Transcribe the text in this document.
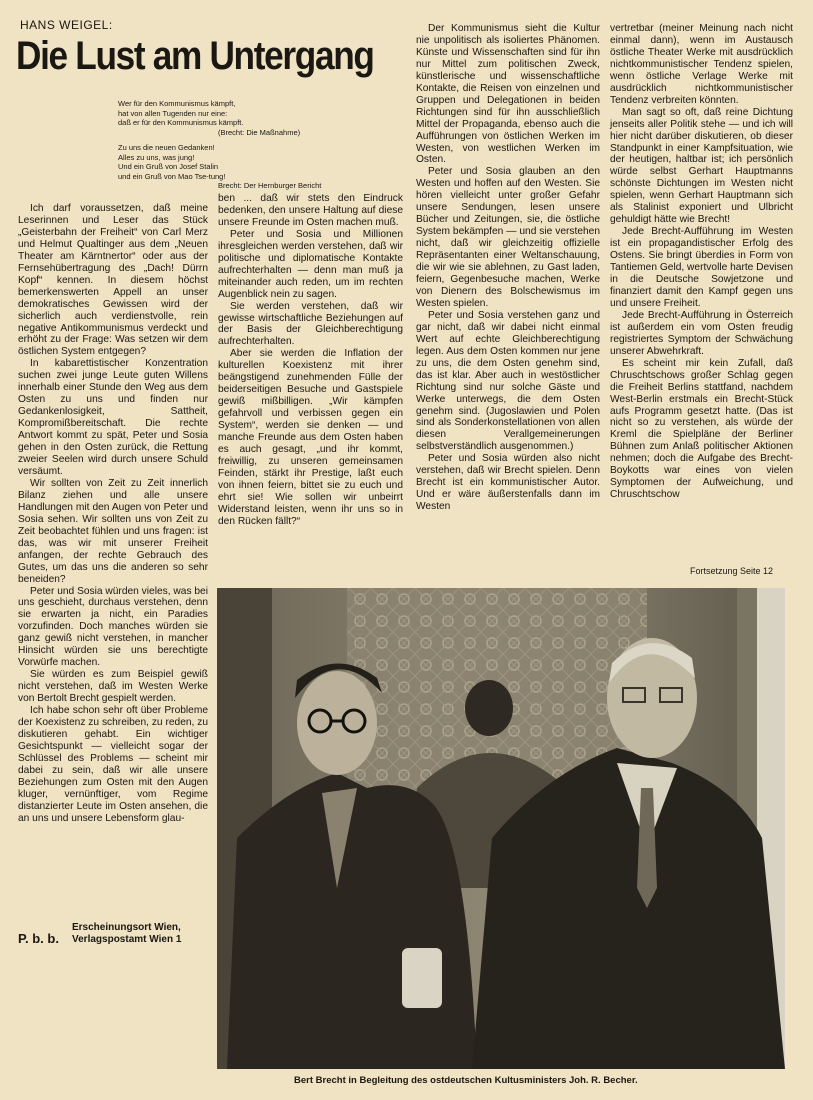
HANS WEIGEL:
Die Lust am Untergang
Wer für den Kommunismus kämpft,
hat von allen Tugenden nur eine:
daß er für den Kommunismus kämpft.
(Brecht: Die Maßnahme)
Zu uns die neuen Gedanken!
Alles zu uns, was jung!
Und ein Gruß von Josef Stalin
und ein Gruß von Mao Tse-tung!
Brecht: Der Hernburger Bericht

Ich darf voraussetzen, daß meine Leserinnen und Leser das Stück „Geisterbahn der Freiheit“ von Carl Merz und Helmut Qualtinger aus dem „Neuen Theater am Kärntnertor“ oder aus der Fernsehübertragung des „Dach! Dürrn Kopf“ kennen. In diesem höchst bemerkenswerten Appell an unser demokratisches Gewissen wird der sicherlich auch verdienstvolle, rein negative Antikommunismus verdeckt und erhöht zu der Frage: Was setzen wir dem östlichen System entgegen?

In kabarettistischer Konzentration suchen zwei junge Leute guten Willens innerhalb einer Stunde den Weg aus dem Osten zu uns und finden nur Gedankenlosigkeit, Sattheit, Kompromißbereitschaft. Die rechte Antwort kommt zu spät, Peter und Sosia gehen in den Osten zurück, die Rettung zweier Seelen wird durch unsere Schuld versäumt.

Wir sollten von Zeit zu Zeit innerlich Bilanz ziehen und alle unsere Handlungen mit den Augen von Peter und Sosia sehen. Wir sollten uns von Zeit zu Zeit beobachtet fühlen und uns fragen: ist das, was wir mit unserer Freiheit anfangen, der rechte Gebrauch des Gutes, um das uns die anderen so sehr beneiden?

Peter und Sosia würden vieles, was bei uns geschieht, durchaus verstehen, denn sie erwarten ja nicht, ein Paradies vorzufinden. Doch manches würden sie ganz gewiß nicht verstehen, in mancher Hinsicht würden sie uns berechtigte Vorwürfe machen.

Sie würden es zum Beispiel gewiß nicht verstehen, daß im Westen Werke von Bertolt Brecht gespielt werden.

Ich habe schon sehr oft über Probleme der Koexistenz zu schreiben, zu reden, zu diskutieren gehabt. Ein wichtiger Gesichtspunkt — vielleicht sogar der Schlüssel des Problems — scheint mir dabei zu sein, daß wir alle unsere Beziehungen zum Osten mit den Augen kluger, vernünftiger, vom Regime distanzierter Leute im Osten ansehen, die an uns und unsere Lebensform glau-

ben ... daß wir stets den Eindruck bedenken, den unsere Haltung auf diese unsere Freunde im Osten machen muß.

Peter und Sosia und Millionen ihresgleichen werden verstehen, daß wir politische und diplomatische Kontakte aufrechterhalten — denn man muß ja miteinander auch reden, um im rechten Augenblick nein zu sagen.

Sie werden verstehen, daß wir gewisse wirtschaftliche Beziehungen auf der Basis der Gleichberechtigung aufrechterhalten.

Aber sie werden die Inflation der kulturellen Koexistenz mit ihrer beängstigend zunehmenden Fülle der beiderseitigen Besuche und Gastspiele gewiß mißbilligen. „Wir kämpfen gefahrvoll und verbissen gegen ein System“, werden sie denken — und manche Freunde aus dem Osten haben es auch gesagt, „und ihr kommt, freiwillig, zu unseren gemeinsamen Feinden, stärkt ihr Prestige, laßt euch von ihnen feiern, bittet sie zu euch und ehrt sie! Wie sollen wir unbeirrt Widerstand leisten, wenn ihr uns so in den Rücken fällt?“

Der Kommunismus sieht die Kultur nie unpolitisch als isoliertes Phänomen. Künste und Wissenschaften sind für ihn nur Mittel zum politischen Zweck, künstlerische und wissenschaftliche Kontakte, die Reisen von einzelnen und Gruppen und Delegationen in beiden Richtungen sind für ihn ausschließlich Mittel der Propaganda, ebenso auch die Aufführungen von östlichen Werken im Westen, von westlichen Werken im Osten.

Peter und Sosia glauben an den Westen und hoffen auf den Westen. Sie hören vielleicht unter großer Gefahr unsere Sendungen, lesen unsere Bücher und Zeitungen, sie, die östliche System bekämpfen — und sie verstehen nicht, daß wir gleichzeitig offizielle Repräsentanten einer Weltanschauung, die wir wie sie ablehnen, zu Gast laden, feiern, Gegenbesuche machen, Werke von Dienern des Bolschewismus im Westen spielen.

Peter und Sosia verstehen ganz und gar nicht, daß wir dabei nicht einmal Wert auf echte Gleichberechtigung legen. Aus dem Osten kommen nur jene zu uns, die dem Osten genehm sind, das ist klar. Aber auch in westöstlicher Richtung sind nur solche Gäste und Werke unterwegs, die dem Osten genehm sind. (Jugoslawien und Polen sind als Sonderkonstellationen von allen diesen Verallgemeinerungen selbstverständlich ausgenommen.)

Peter und Sosia würden also nicht verstehen, daß wir Brecht spielen. Denn Brecht ist ein kommunistischer Autor. Und er wäre äußerstenfalls dann im Westen

vertretbar (meiner Meinung nach nicht einmal dann), wenn im Austausch östliche Theater Werke mit ausdrücklich nichtkommunistischer Tendenz spielen, wenn östliche Verlage Werke mit ausdrücklich nichtkommunistischer Tendenz verbreiten könnten.

Man sagt so oft, daß reine Dichtung jenseits aller Politik stehe — und ich will hier nicht darüber diskutieren, ob dieser Standpunkt in einer Kampfsituation, wie der heutigen, haltbar ist; ich persönlich würde selbst Gerhart Hauptmanns schönste Dichtungen im Westen nicht spielen, wenn Gerhart Hauptmann sich als Stalinist exponiert und Ulbricht gehuldigt hätte wie Brecht!

Jede Brecht-Aufführung im Westen ist ein propagandistischer Erfolg des Ostens. Sie bringt überdies in Form von Tantiemen Geld, wertvolle harte Devisen in die Deutsche Sowjetzone und finanziert damit den Kampf gegen uns und unsere Freiheit.

Jede Brecht-Aufführung in Österreich ist außerdem ein vom Osten freudig registriertes Symptom der Schwächung unserer Abwehrkraft.

Es scheint mir kein Zufall, daß Chruschtschows großer Schlag gegen die Freiheit Berlins stattfand, nachdem West-Berlin erstmals ein Brecht-Stück aufs Programm gesetzt hatte. (Das ist nicht so zu verstehen, als würde der Kreml die Spielpläne der Berliner Bühnen zum Anlaß politischer Aktionen nehmen; doch die Aufgabe des Brecht-Boykotts war eines von vielen Symptomen der Aufweichung, und Chruschtschow

Fortsetzung Seite 12
P. b. b.
Erscheinungsort Wien,
Verlagspostamt Wien 1
Bert Brecht in Begleitung des ostdeutschen Kultusministers Joh. R. Becher.
